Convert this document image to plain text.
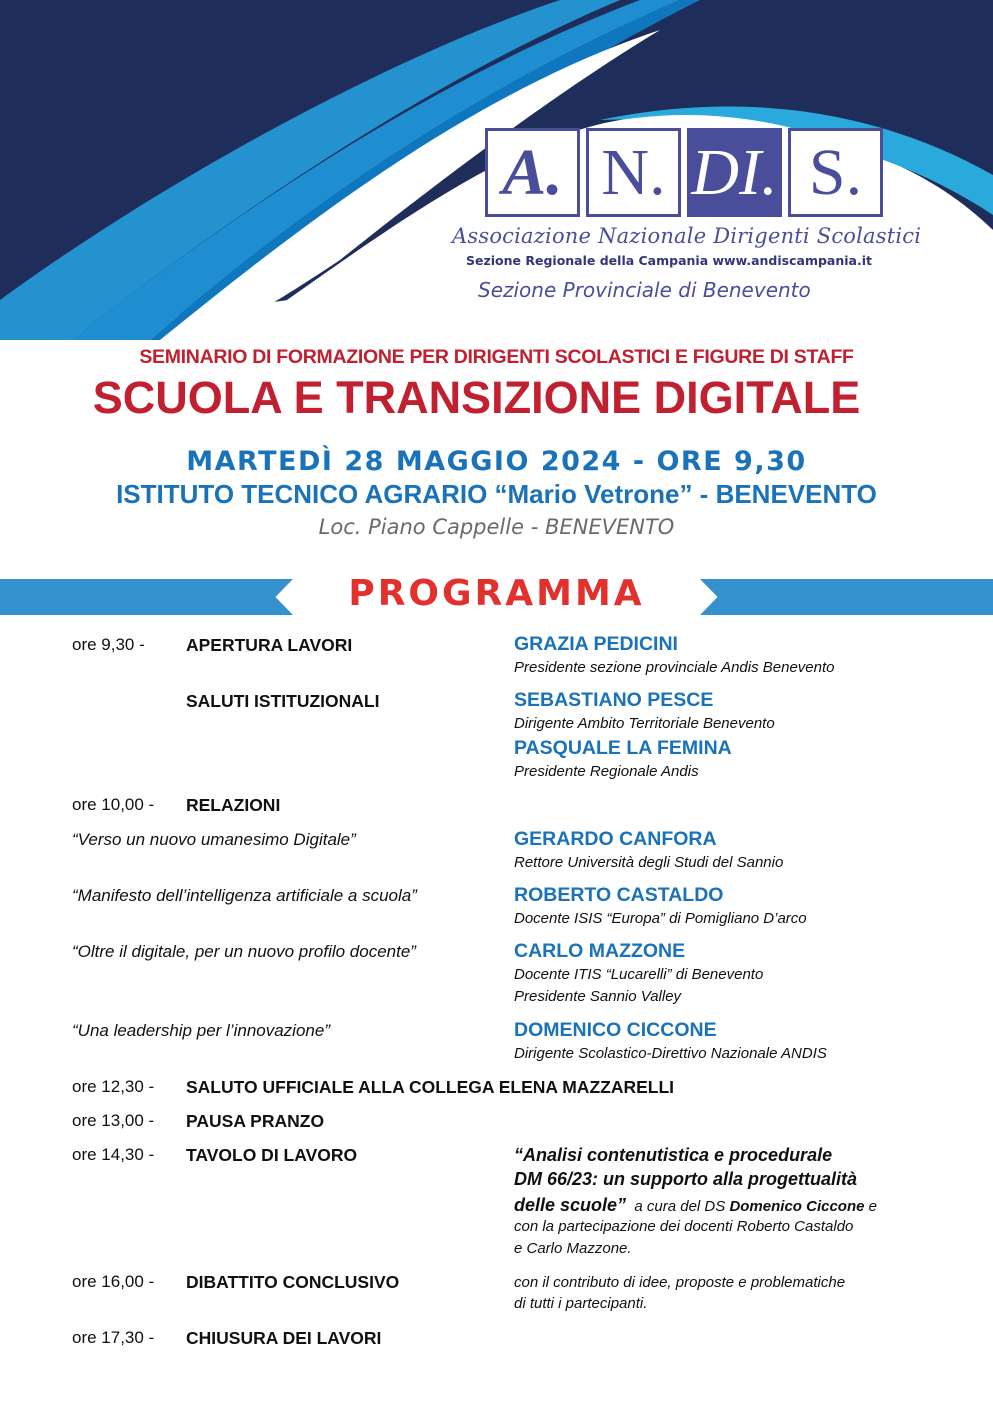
A. N. DI. S.
Associazione Nazionale Dirigenti Scolastici
Sezione Regionale della Campania www.andiscampania.it
Sezione Provinciale di Benevento
SEMINARIO DI FORMAZIONE PER DIRIGENTI SCOLASTICI E FIGURE DI STAFF
SCUOLA E TRANSIZIONE DIGITALE
MARTEDÌ 28 MAGGIO 2024 - ORE 9,30
ISTITUTO TECNICO AGRARIO “Mario Vetrone” - BENEVENTO
Loc. Piano Cappelle - BENEVENTO
PROGRAMMA
ore 9,30 - APERTURA LAVORI	GRAZIA PEDICINI
Presidente sezione provinciale Andis Benevento
SALUTI ISTITUZIONALI	SEBASTIANO PESCE
Dirigente Ambito Territoriale Benevento
PASQUALE LA FEMINA
Presidente Regionale Andis
ore 10,00 - RELAZIONI
“Verso un nuovo umanesimo Digitale”	GERARDO CANFORA
Rettore Università degli Studi del Sannio
“Manifesto dell’intelligenza artificiale a scuola”	ROBERTO CASTALDO
Docente ISIS “Europa” di Pomigliano D’arco
“Oltre il digitale, per un nuovo profilo docente”	CARLO MAZZONE
Docente ITIS “Lucarelli” di Benevento
Presidente Sannio Valley
“Una leadership per l’innovazione”	DOMENICO CICCONE
Dirigente Scolastico-Direttivo Nazionale ANDIS
ore 12,30 - SALUTO UFFICIALE ALLA COLLEGA ELENA MAZZARELLI
ore 13,00 - PAUSA PRANZO
ore 14,30 - TAVOLO DI LAVORO	“Analisi contenutistica e procedurale
DM 66/23: un supporto alla progettualità
delle scuole” a cura del DS Domenico Ciccone e
con la partecipazione dei docenti Roberto Castaldo
e Carlo Mazzone.
ore 16,00 - DIBATTITO CONCLUSIVO	con il contributo di idee, proposte e problematiche
di tutti i partecipanti.
ore 17,30 - CHIUSURA DEI LAVORI
